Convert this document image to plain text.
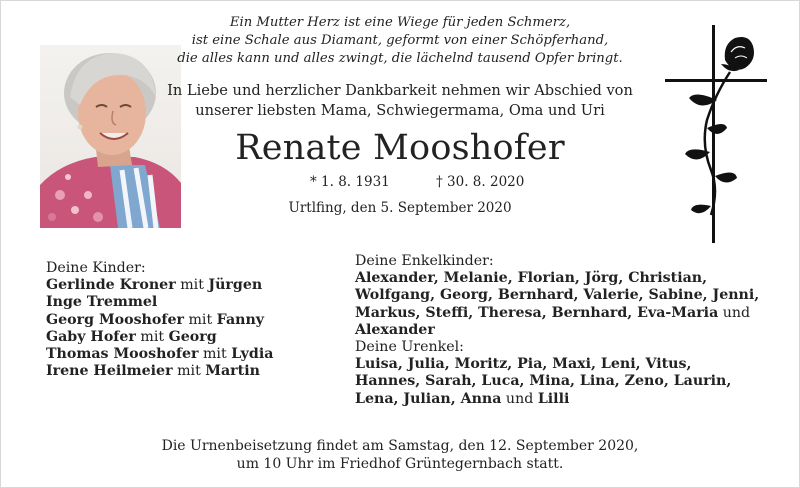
Ein Mutter Herz ist eine Wiege für jeden Schmerz,
ist eine Schale aus Diamant, geformt von einer Schöpferhand,
die alles kann und alles zwingt, die lächelnd tausend Opfer bringt.
In Liebe und herzlicher Dankbarkeit nehmen wir Abschied von
unserer liebsten Mama, Schwiegermama, Oma und Uri
Renate Mooshofer
* 1. 8. 1931	† 30. 8. 2020
Urtlfing, den 5. September 2020
Deine Kinder:
Gerlinde Kroner mit Jürgen
Inge Tremmel
Georg Mooshofer mit Fanny
Gaby Hofer mit Georg
Thomas Mooshofer mit Lydia
Irene Heilmeier mit Martin
Deine Enkelkinder:
Alexander, Melanie, Florian, Jörg, Christian,
Wolfgang, Georg, Bernhard, Valerie, Sabine, Jenni,
Markus, Steffi, Theresa, Bernhard, Eva-Maria und
Alexander
Deine Urenkel:
Luisa, Julia, Moritz, Pia, Maxi, Leni, Vitus,
Hannes, Sarah, Luca, Mina, Lina, Zeno, Laurin,
Lena, Julian, Anna und Lilli
Die Urnenbeisetzung findet am Samstag, den 12. September 2020,
um 10 Uhr im Friedhof Grüntegernbach statt.
